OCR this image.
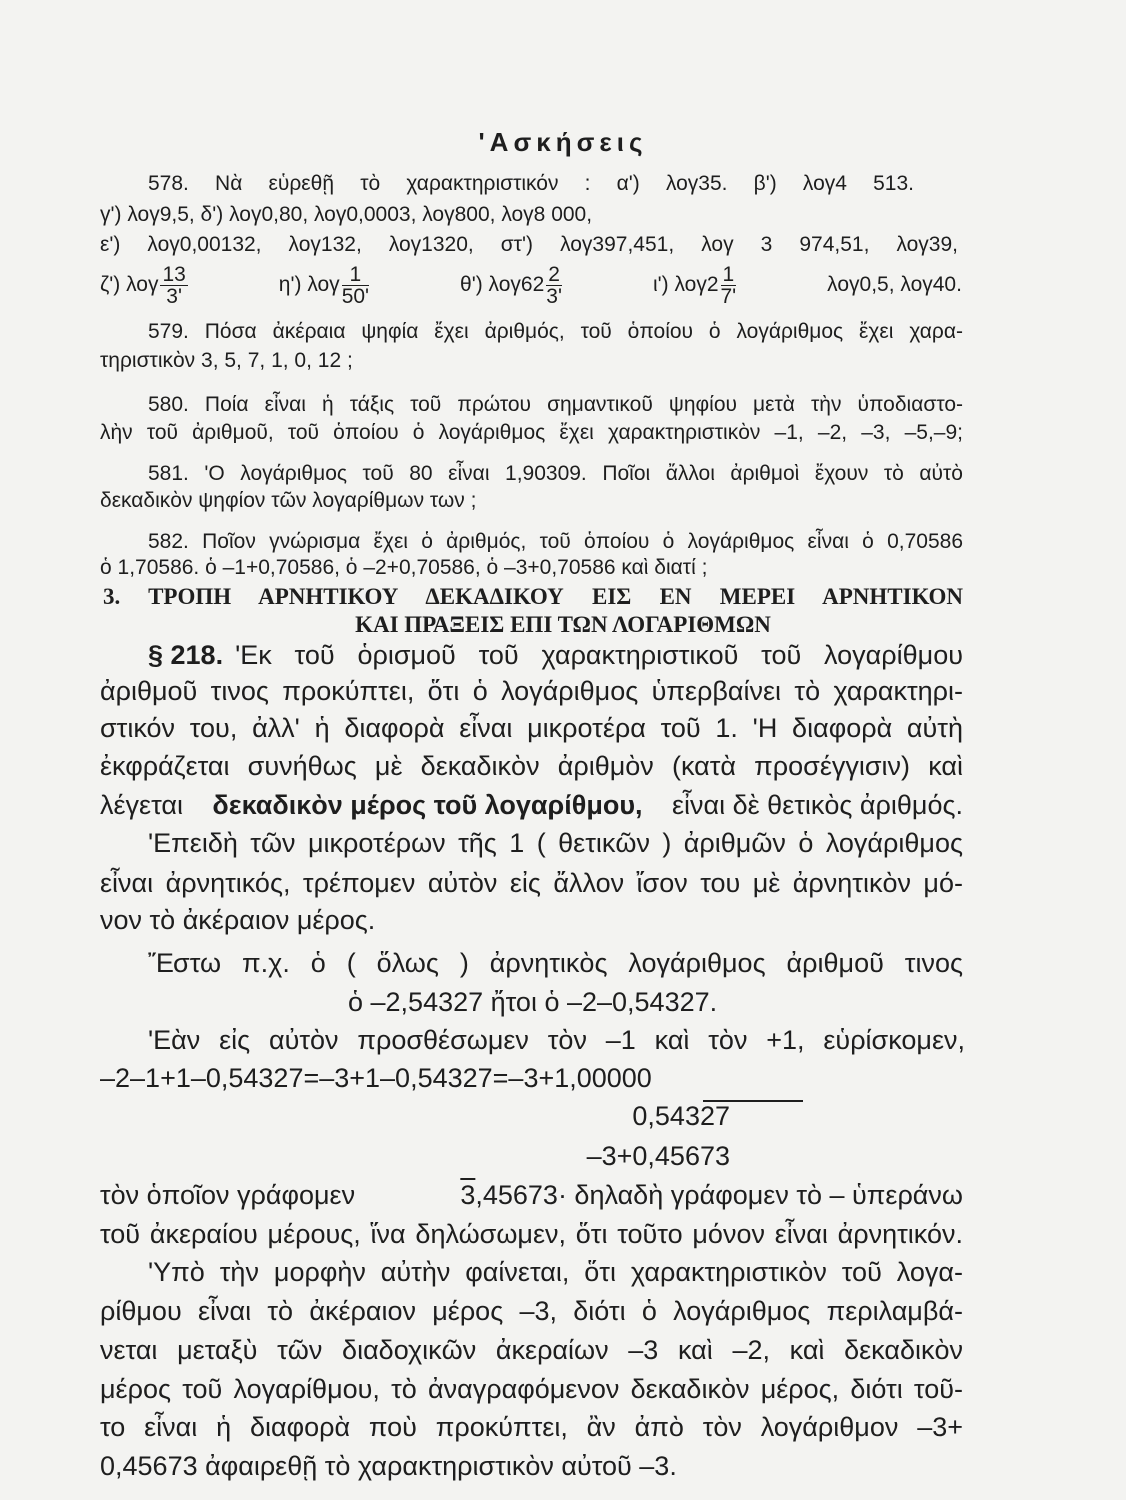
'Ασκήσεις
578. Νὰ εὑρεθῇ τὸ χαρακτηριστικόν : α') λογ35. β') λογ4 513.
γ') λογ9,5, δ') λογ0,80, λογ0,0003, λογ800, λογ8 000,
ε') λογ0,00132, λογ132, λογ1320, στ') λογ397,451, λογ 3 974,51, λογ39,
ζ') λογ $\frac{13}{3'}$	η') λογ $\frac{1}{50'}$	θ') $\lambda o\gamma 62 \frac{2}{3'}$	ι') $\lambda o\gamma 2 \frac{1}{7'}$	λογ0,5, λογ40.
579. Πόσα ἀκέραια ψηφία ἔχει ἀριθμός, τοῦ ὁποίου ὁ λογάριθμος ἔχει χαρα-
τηριστικὸν 3, 5, 7, 1, 0, 12 ;
580. Ποία εἶναι ἡ τάξις τοῦ πρώτου σημαντικοῦ ψηφίου μετὰ τὴν ὑποδιαστο-
λὴν τοῦ ἀριθμοῦ, τοῦ ὁποίου ὁ λογάριθμος ἔχει χαρακτηριστικὸν –1, –2, –3, –5,–9;
581. 'Ο λογάριθμος τοῦ 80 εἶναι 1,90309. Ποῖοι ἄλλοι ἀριθμοὶ ἔχουν τὸ αὐτὸ
δεκαδικὸν ψηφίον τῶν λογαρίθμων των ;
582. Ποῖον γνώρισμα ἔχει ὁ ἀριθμός, τοῦ ὁποίου ὁ λογάριθμος εἶναι ὁ 0,70586
ὁ 1,70586. ὁ –1+0,70586, ὁ –2+0,70586, ὁ –3+0,70586 καὶ διατί ;
3. ΤΡΟΠΗ ΑΡΝΗΤΙΚΟΥ ΔΕΚΑΔΙΚΟΥ ΕΙΣ ΕΝ ΜΕΡΕΙ ΑΡΝΗΤΙΚΟΝ
ΚΑΙ ΠΡΑΞΕΙΣ ΕΠΙ ΤΩΝ ΛΟΓΑΡΙΘΜΩΝ
§ 218. 'Εκ τοῦ ὁρισμοῦ τοῦ χαρακτηριστικοῦ τοῦ λογαρίθμου
ἀριθμοῦ τινος προκύπτει, ὅτι ὁ λογάριθμος ὑπερβαίνει τὸ χαρακτηρι-
στικόν του, ἀλλ' ἡ διαφορὰ εἶναι μικροτέρα τοῦ 1. 'Η διαφορὰ αὐτὴ
ἐκφράζεται συνήθως μὲ δεκαδικὸν ἀριθμὸν (κατὰ προσέγγισιν) καὶ
λέγεται δεκαδικὸν μέρος τοῦ λογαρίθμου, εἶναι δὲ θετικὸς ἀριθμός.
'Επειδὴ τῶν μικροτέρων τῆς 1 ( θετικῶν ) ἀριθμῶν ὁ λογάριθμος
εἶναι ἀρνητικός, τρέπομεν αὐτὸν εἰς ἄλλον ἴσον του μὲ ἀρνητικὸν μό-
νον τὸ ἀκέραιον μέρος.
Ἔστω π.χ. ὁ ( ὅλως ) ἀρνητικὸς λογάριθμος ἀριθμοῦ τινος
ὁ –2,54327 ἤτοι ὁ –2–0,54327.
'Εὰν εἰς αὐτὸν προσθέσωμεν τὸν –1 καὶ τὸν +1, εὑρίσκομεν,
–2–1+1–0,54327=–3+1–0,54327=–3+1,00000
0,54327
–3+0,45673
τὸν ὁποῖον γράφομεν	3,45673· δηλαδὴ γράφομεν τὸ – ὑπεράνω
τοῦ ἀκεραίου μέρους, ἵνα δηλώσωμεν, ὅτι τοῦτο μόνον εἶναι ἀρνητικόν.
'Υπὸ τὴν μορφὴν αὐτὴν φαίνεται, ὅτι χαρακτηριστικὸν τοῦ λογα-
ρίθμου εἶναι τὸ ἀκέραιον μέρος –3, διότι ὁ λογάριθμος περιλαμβά-
νεται μεταξὺ τῶν διαδοχικῶν ἀκεραίων –3 καὶ –2, καὶ δεκαδικὸν
μέρος τοῦ λογαρίθμου, τὸ ἀναγραφόμενον δεκαδικὸν μέρος, διότι τοῦ-
το εἶναι ἡ διαφορὰ ποὺ προκύπτει, ἂν ἀπὸ τὸν λογάριθμον –3+
0,45673 ἀφαιρεθῇ τὸ χαρακτηριστικὸν αὐτοῦ –3.
